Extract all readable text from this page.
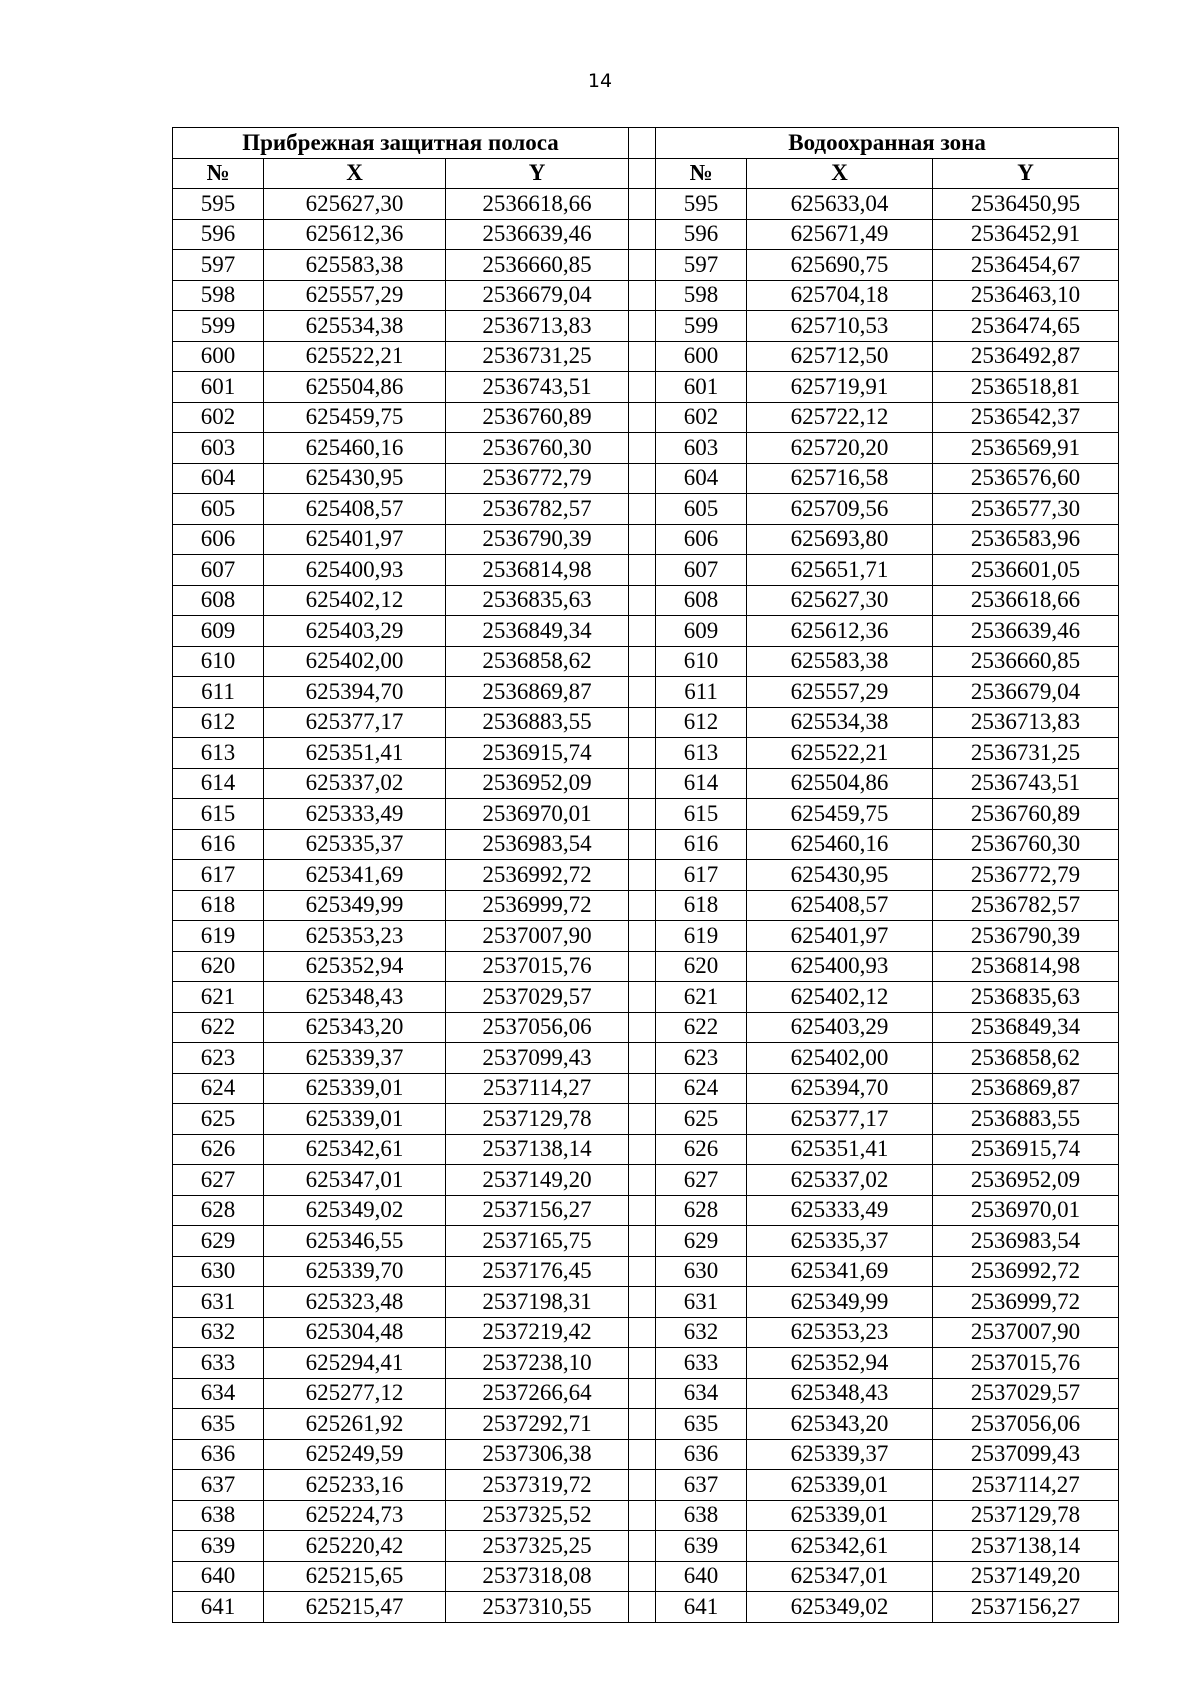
14
Прибрежная защитная полоса				Водоохранная зона		
№	X	Y		№	X	Y
595	625627,30	2536618,66		595	625633,04	2536450,95
596	625612,36	2536639,46		596	625671,49	2536452,91
597	625583,38	2536660,85		597	625690,75	2536454,67
598	625557,29	2536679,04		598	625704,18	2536463,10
599	625534,38	2536713,83		599	625710,53	2536474,65
600	625522,21	2536731,25		600	625712,50	2536492,87
601	625504,86	2536743,51		601	625719,91	2536518,81
602	625459,75	2536760,89		602	625722,12	2536542,37
603	625460,16	2536760,30		603	625720,20	2536569,91
604	625430,95	2536772,79		604	625716,58	2536576,60
605	625408,57	2536782,57		605	625709,56	2536577,30
606	625401,97	2536790,39		606	625693,80	2536583,96
607	625400,93	2536814,98		607	625651,71	2536601,05
608	625402,12	2536835,63		608	625627,30	2536618,66
609	625403,29	2536849,34		609	625612,36	2536639,46
610	625402,00	2536858,62		610	625583,38	2536660,85
611	625394,70	2536869,87		611	625557,29	2536679,04
612	625377,17	2536883,55		612	625534,38	2536713,83
613	625351,41	2536915,74		613	625522,21	2536731,25
614	625337,02	2536952,09		614	625504,86	2536743,51
615	625333,49	2536970,01		615	625459,75	2536760,89
616	625335,37	2536983,54		616	625460,16	2536760,30
617	625341,69	2536992,72		617	625430,95	2536772,79
618	625349,99	2536999,72		618	625408,57	2536782,57
619	625353,23	2537007,90		619	625401,97	2536790,39
620	625352,94	2537015,76		620	625400,93	2536814,98
621	625348,43	2537029,57		621	625402,12	2536835,63
622	625343,20	2537056,06		622	625403,29	2536849,34
623	625339,37	2537099,43		623	625402,00	2536858,62
624	625339,01	2537114,27		624	625394,70	2536869,87
625	625339,01	2537129,78		625	625377,17	2536883,55
626	625342,61	2537138,14		626	625351,41	2536915,74
627	625347,01	2537149,20		627	625337,02	2536952,09
628	625349,02	2537156,27		628	625333,49	2536970,01
629	625346,55	2537165,75		629	625335,37	2536983,54
630	625339,70	2537176,45		630	625341,69	2536992,72
631	625323,48	2537198,31		631	625349,99	2536999,72
632	625304,48	2537219,42		632	625353,23	2537007,90
633	625294,41	2537238,10		633	625352,94	2537015,76
634	625277,12	2537266,64		634	625348,43	2537029,57
635	625261,92	2537292,71		635	625343,20	2537056,06
636	625249,59	2537306,38		636	625339,37	2537099,43
637	625233,16	2537319,72		637	625339,01	2537114,27
638	625224,73	2537325,52		638	625339,01	2537129,78
639	625220,42	2537325,25		639	625342,61	2537138,14
640	625215,65	2537318,08		640	625347,01	2537149,20
641	625215,47	2537310,55		641	625349,02	2537156,27
